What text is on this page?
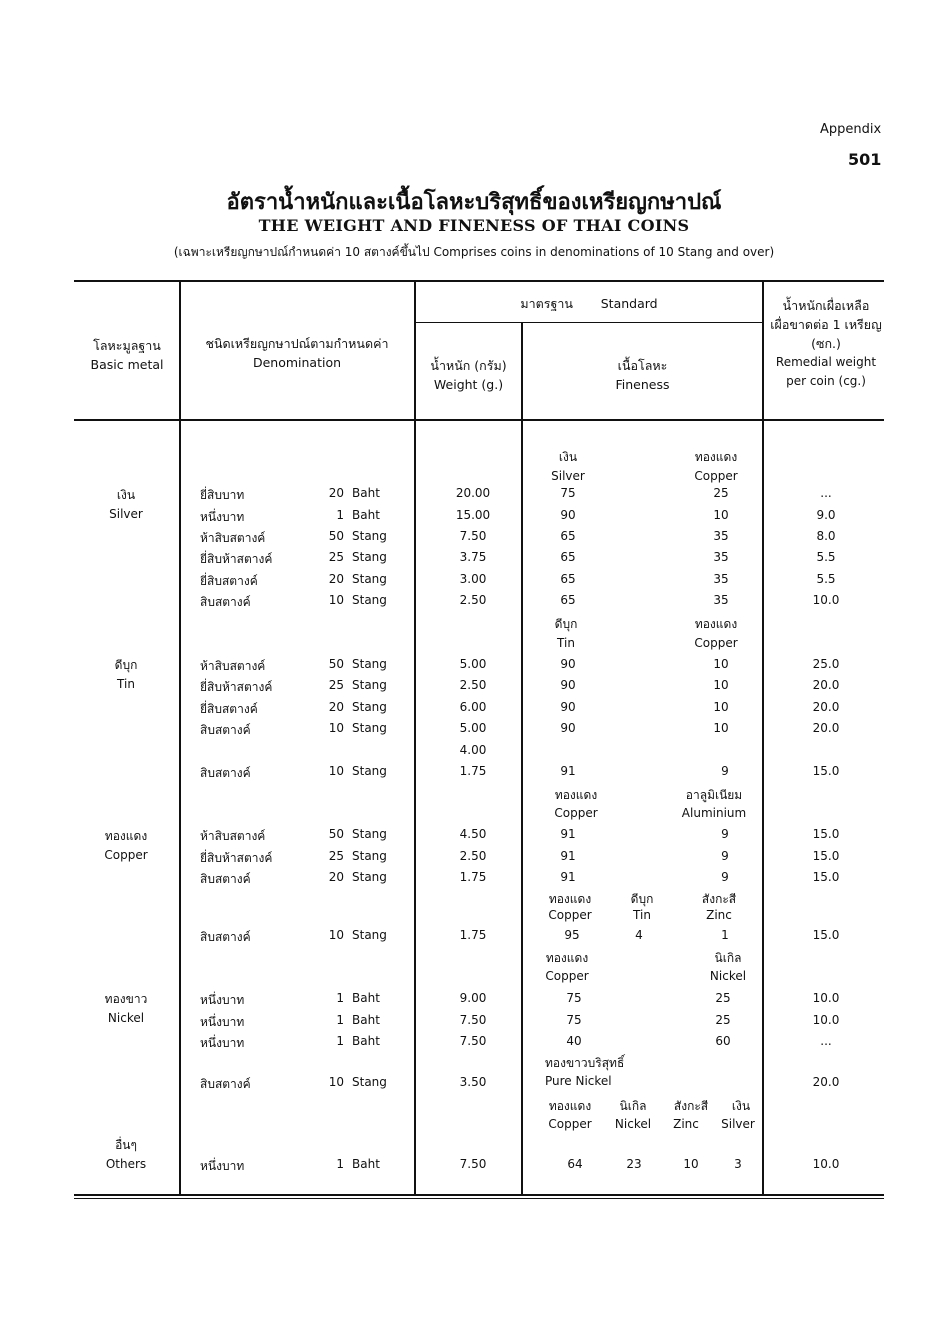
Appendix
501
อัตราน้ำหนักและเนื้อโลหะบริสุทธิ์ของเหรียญกษาปณ์
THE WEIGHT AND FINENESS OF THAI COINS
(เฉพาะเหรียญกษาปณ์กำหนดค่า 10 สตางค์ขึ้นไป Comprises coins in denominations of 10 Stang and over)
โลหะมูลฐาน
Basic metal
ชนิดเหรียญกษาปณ์ตามกำหนดค่า
Denomination
มาตรฐาน Standard
น้ำหนัก (กรัม)
Weight (g.)
เนื้อโลหะ
Fineness
น้ำหนักเผื่อเหลือ
เผื่อขาดต่อ 1 เหรียญ
(ซก.)
Remedial weight
per coin (cg.)
เงิน
Silver
ดีบุก
Tin
ทองแดง
Copper
ทองขาว
Nickel
อื่นๆ
Others
เงิน
Silver
ทองแดง
Copper
ดีบุก
Tin
ทองแดง
Copper
ทองแดง
Copper
อาลูมิเนียม
Aluminium
ทองแดง
Copper
ดีบุก
Tin
สังกะสี
Zinc
ทองแดง
Copper
นิเกิล
Nickel
ทองขาวบริสุทธิ์
Pure Nickel
ทองแดง
Copper
นิเกิล
Nickel
สังกะสี
Zinc
เงิน
Silver
ยี่สิบบาท	20 Baht	20.00	75	25	...
หนึ่งบาท	1 Baht	15.00	90	10	9.0
ห้าสิบสตางค์	50 Stang	7.50	65	35	8.0
ยี่สิบห้าสตางค์	25 Stang	3.75	65	35	5.5
ยี่สิบสตางค์	20 Stang	3.00	65	35	5.5
สิบสตางค์	10 Stang	2.50	65	35	10.0
ห้าสิบสตางค์	50 Stang	5.00	90	10	25.0
ยี่สิบห้าสตางค์	25 Stang	2.50	90	10	20.0
ยี่สิบสตางค์	20 Stang	6.00	90	10	20.0
สิบสตางค์	10 Stang	5.00	90	10	20.0
4.00
สิบสตางค์	10 Stang	1.75	91	9	15.0
ห้าสิบสตางค์	50 Stang	4.50	91	9	15.0
ยี่สิบห้าสตางค์	25 Stang	2.50	91	9	15.0
สิบสตางค์	20 Stang	1.75	91	9	15.0
สิบสตางค์	10 Stang	1.75	95	4	1	15.0
หนึ่งบาท	1 Baht	9.00	75	25	10.0
หนึ่งบาท	1 Baht	7.50	75	25	10.0
หนึ่งบาท	1 Baht	7.50	40	60	...
สิบสตางค์	10 Stang	3.50	20.0
หนึ่งบาท	1 Baht	7.50	64	23	10	3	10.0
